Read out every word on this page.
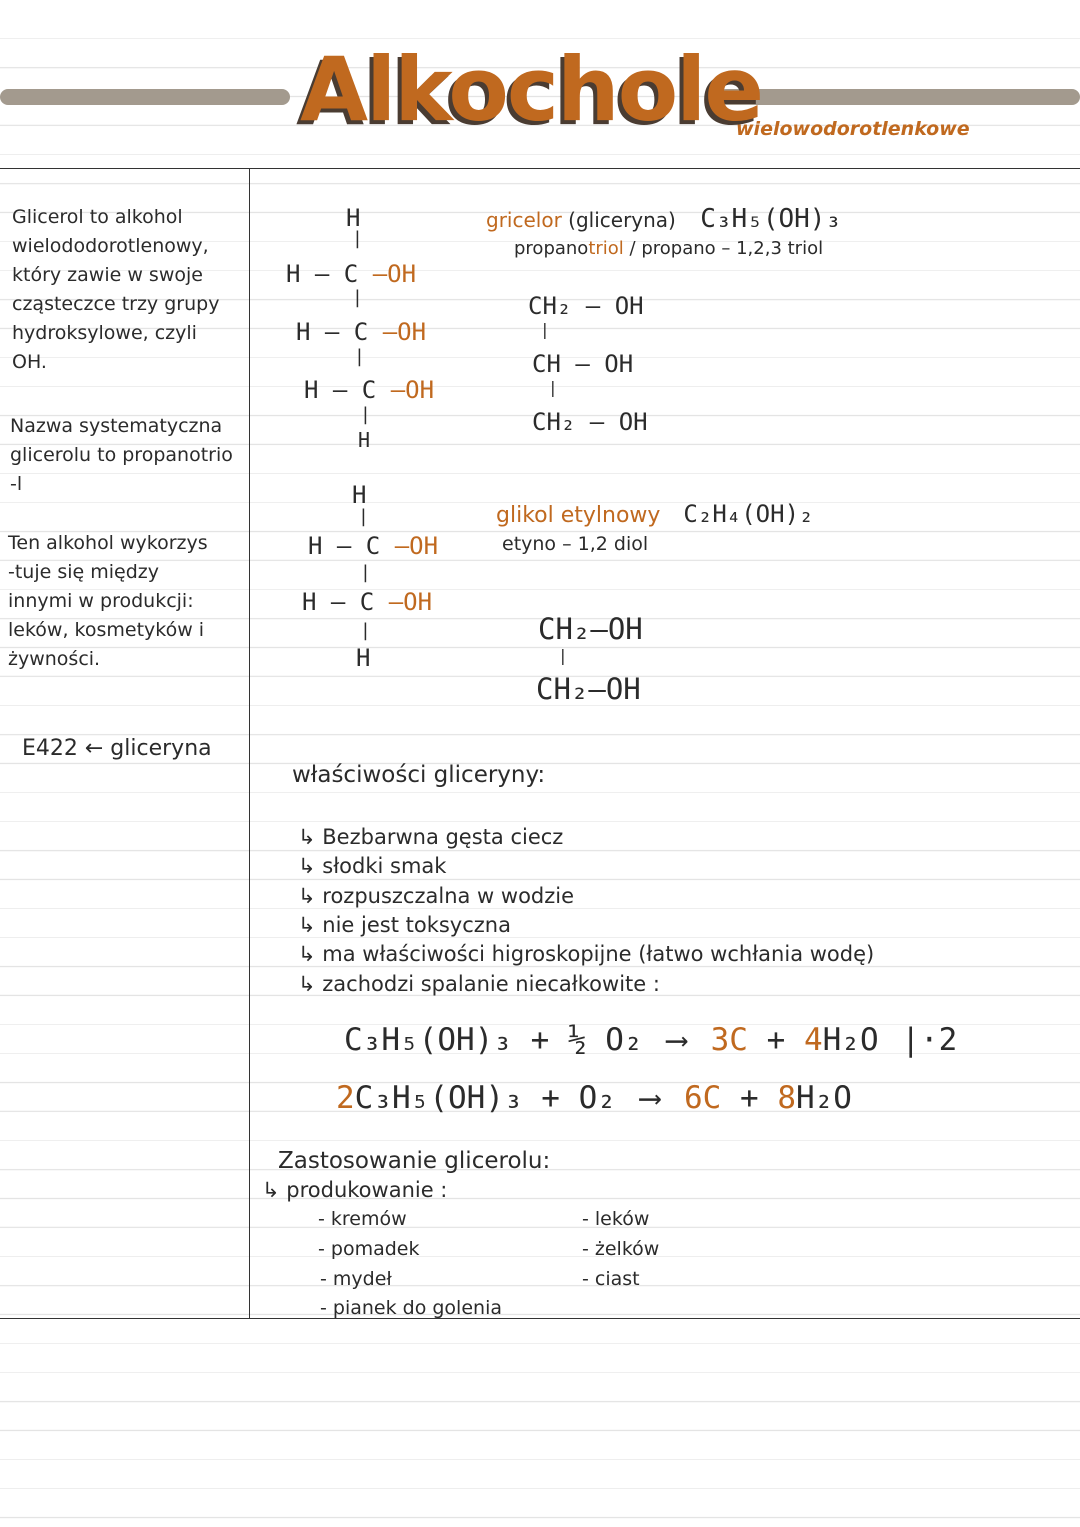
Alkochole
wielowodorotlenkowe
Glicerol to alkohol
wielododorotlenowy,
który zawie w swoje
cząsteczce trzy grupy
hydroksylowe, czyli
OH.
Nazwa systematyczna
glicerolu to propanotrio
-l
Ten alkohol wykorzys
-tuje się między
innymi w produkcji:
leków, kosmetyków i
żywności.
E422 ← gliceryna
H
|
H – C –OH
|
H – C –OH
|
H – C –OH
|
H
H
|
H – C –OH
|
H – C –OH
|
H
gricelor (gliceryna) C₃H₅(OH)₃
propanotriol / propano – 1,2,3 triol
CH₂ – OH
|
CH – OH
|
CH₂ – OH
glikol etylnowy C₂H₄(OH)₂
etyno – 1,2 diol
CH₂–OH
|
CH₂–OH
właściwości gliceryny:
↳ Bezbarwna gęsta ciecz
↳ słodki smak
↳ rozpuszczalna w wodzie
↳ nie jest toksyczna
↳ ma właściwości higroskopijne (łatwo wchłania wodę)
↳ zachodzi spalanie niecałkowite :
C₃H₅(OH)₃ + ½ O₂ ⟶ 3C + 4H₂O |·2
2C₃H₅(OH)₃ + O₂ ⟶ 6C + 8H₂O
Zastosowanie glicerolu:
↳ produkowanie :
- kremów
- pomadek
- mydeł
- pianek do golenia
- leków
- żelków
- ciast
